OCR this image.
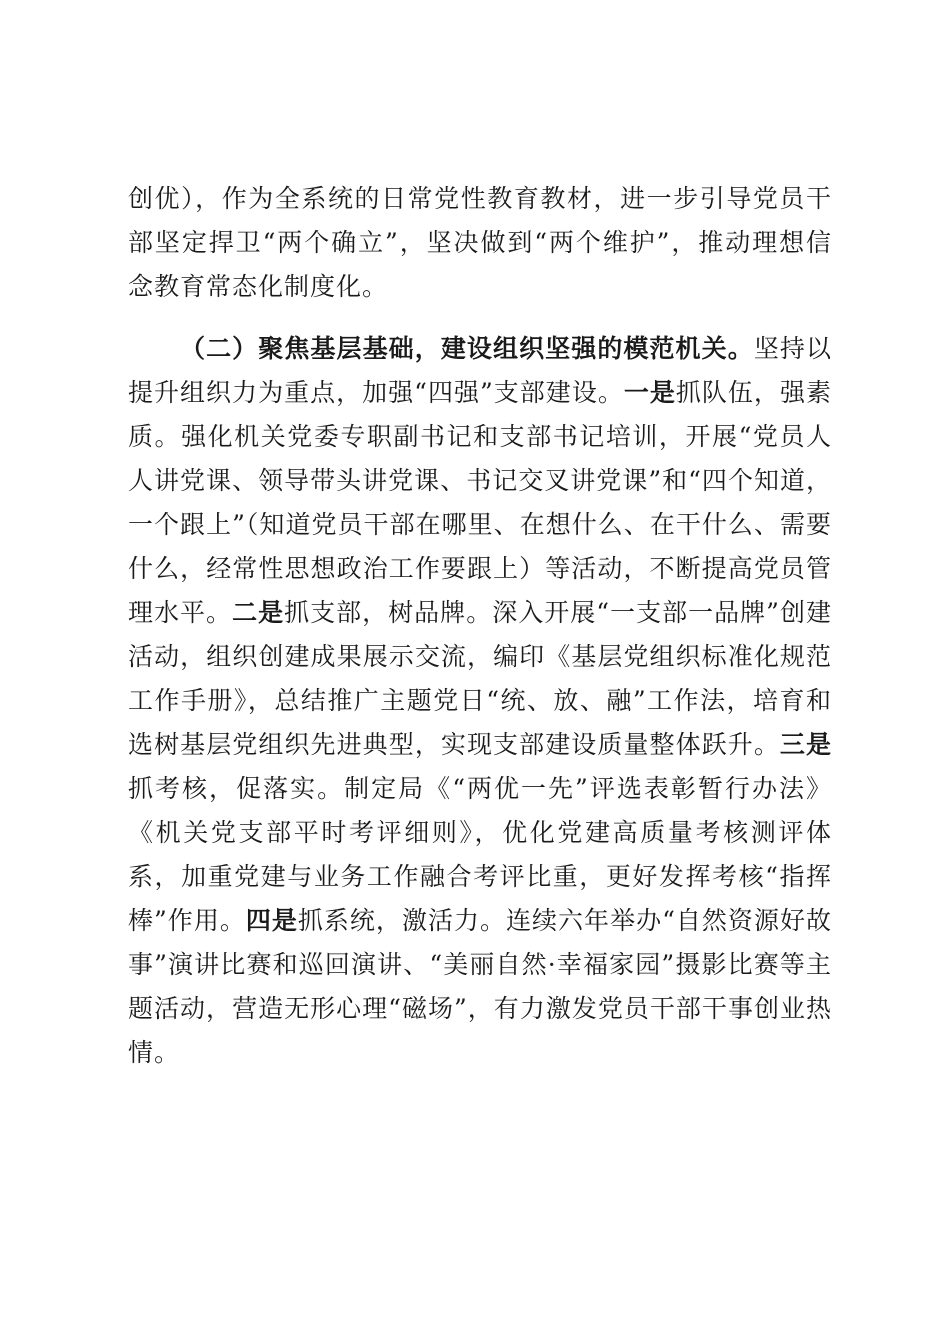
创优），作为全系统的日常党性教育教材，进一步引导党员干部坚定捍卫“两个确立”，坚决做到“两个维护”，推动理想信念教育常态化制度化。

（二）聚焦基层基础，建设组织坚强的模范机关。坚持以提升组织力为重点，加强“四强”支部建设。一是抓队伍，强素质。强化机关党委专职副书记和支部书记培训，开展“党员人人讲党课、领导带头讲党课、书记交叉讲党课”和“四个知道，一个跟上”（知道党员干部在哪里、在想什么、在干什么、需要什么，经常性思想政治工作要跟上）等活动，不断提高党员管理水平。二是抓支部，树品牌。深入开展“一支部一品牌”创建活动，组织创建成果展示交流，编印《基层党组织标准化规范工作手册》，总结推广主题党日“统、放、融”工作法，培育和选树基层党组织先进典型，实现支部建设质量整体跃升。三是抓考核，促落实。制定局《“两优一先”评选表彰暂行办法》《机关党支部平时考评细则》，优化党建高质量考核测评体系，加重党建与业务工作融合考评比重，更好发挥考核“指挥棒”作用。四是抓系统，激活力。连续六年举办“自然资源好故事”演讲比赛和巡回演讲、“美丽自然·幸福家园”摄影比赛等主题活动，营造无形心理“磁场”，有力激发党员干部干事创业热情。
